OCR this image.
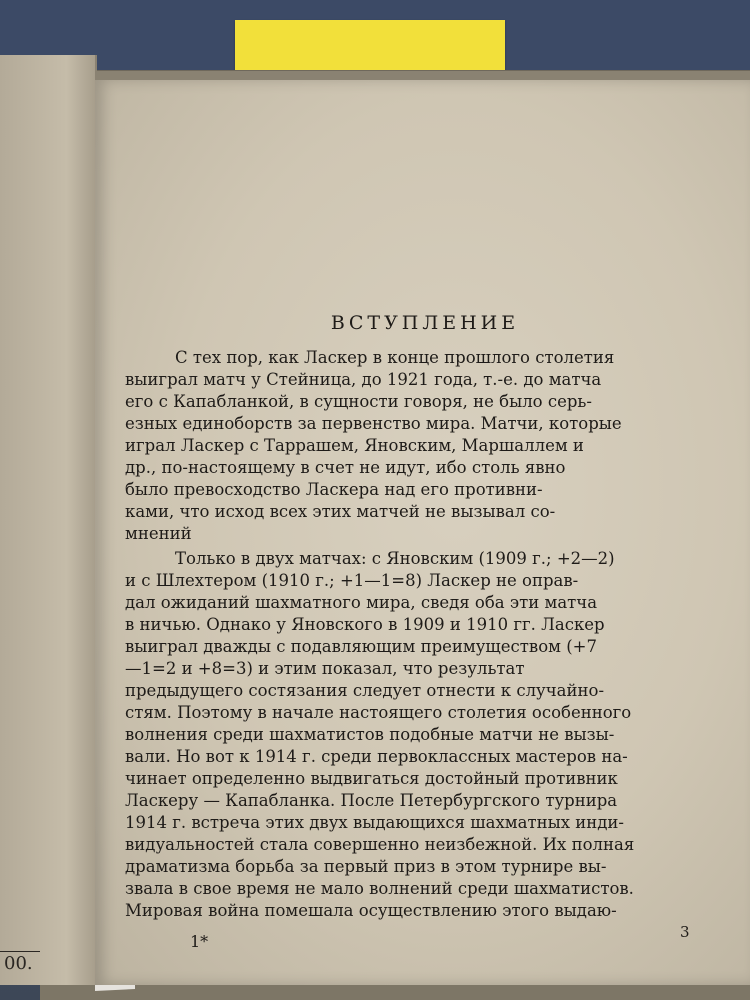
00.
ВСТУПЛЕНИЕ
С тех пор, как Ласкер в конце прошлого столетия
выиграл матч у Стейница, до 1921 года, т.-е. до матча
его с Капабланкой, в сущности говоря, не было серь-
езных единоборств за первенство мира. Матчи, которые
играл Ласкер с Таррашем, Яновским, Маршаллем и
др., по-настоящему в счет не идут, ибо столь явно
было превосходство Ласкера над его противни-
ками, что исход всех этих матчей не вызывал со-
мнений
Только в двух матчах: с Яновским (1909 г.; +2—2)
и с Шлехтером (1910 г.; +1—1=8) Ласкер не оправ-
дал ожиданий шахматного мира, сведя оба эти матча
в ничью. Однако у Яновского в 1909 и 1910 гг. Ласкер
выиграл дважды с подавляющим преимуществом (+7
—1=2 и +8=3) и этим показал, что результат
предыдущего состязания следует отнести к случайно-
стям. Поэтому в начале настоящего столетия особенного
волнения среди шахматистов подобные матчи не вызы-
вали. Но вот к 1914 г. среди первоклассных мастеров на-
чинает определенно выдвигаться достойный противник
Ласкеру — Капабланка. После Петербургского турнира
1914 г. встреча этих двух выдающихся шахматных инди-
видуальностей стала совершенно неизбежной. Их полная
драматизма борьба за первый приз в этом турнире вы-
звала в свое время не мало волнений среди шахматистов.
Мировая война помешала осуществлению этого выдаю-
1*	3
